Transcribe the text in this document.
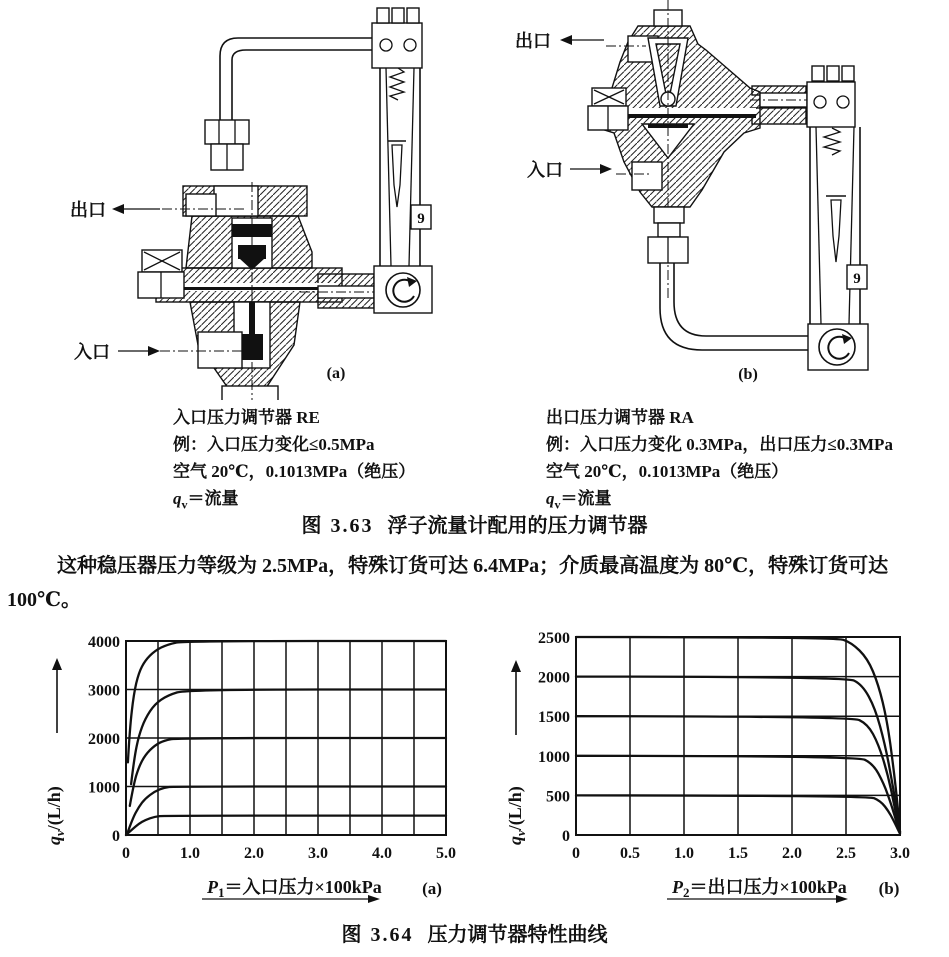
9
出口
入口
(a)
9
出口
入口
(b)
入口压力调节器 RE
例：入口压力变化≤0.5MPa
空气 20℃，0.1013MPa（绝压）
$q_v=$流量
出口压力调节器 RA
例：入口压力变化 0.3MPa，出口压力≤0.3MPa
空气 20℃，0.1013MPa（绝压）
$q_v=$流量
图 3.63 浮子流量计配用的压力调节器

这种稳压器压力等级为 2.5MPa，特殊订货可达 6.4MPa；介质最高温度为 80℃，特殊订货可达 100℃。

0	1.0	2.0	3.0	4.0	5.0
0
1000
2000
3000
4000
$q_v/(L/h)$
$P_1=$入口压力×100kPa (a)
0	0.5 1.0 1.5 2.0 2.5 3.0
0
500
1000
1500
2000
2500
$q_v/(L/h)$
$P_2=$出口压力×100kPa (b)
图 3.64 压力调节器特性曲线
